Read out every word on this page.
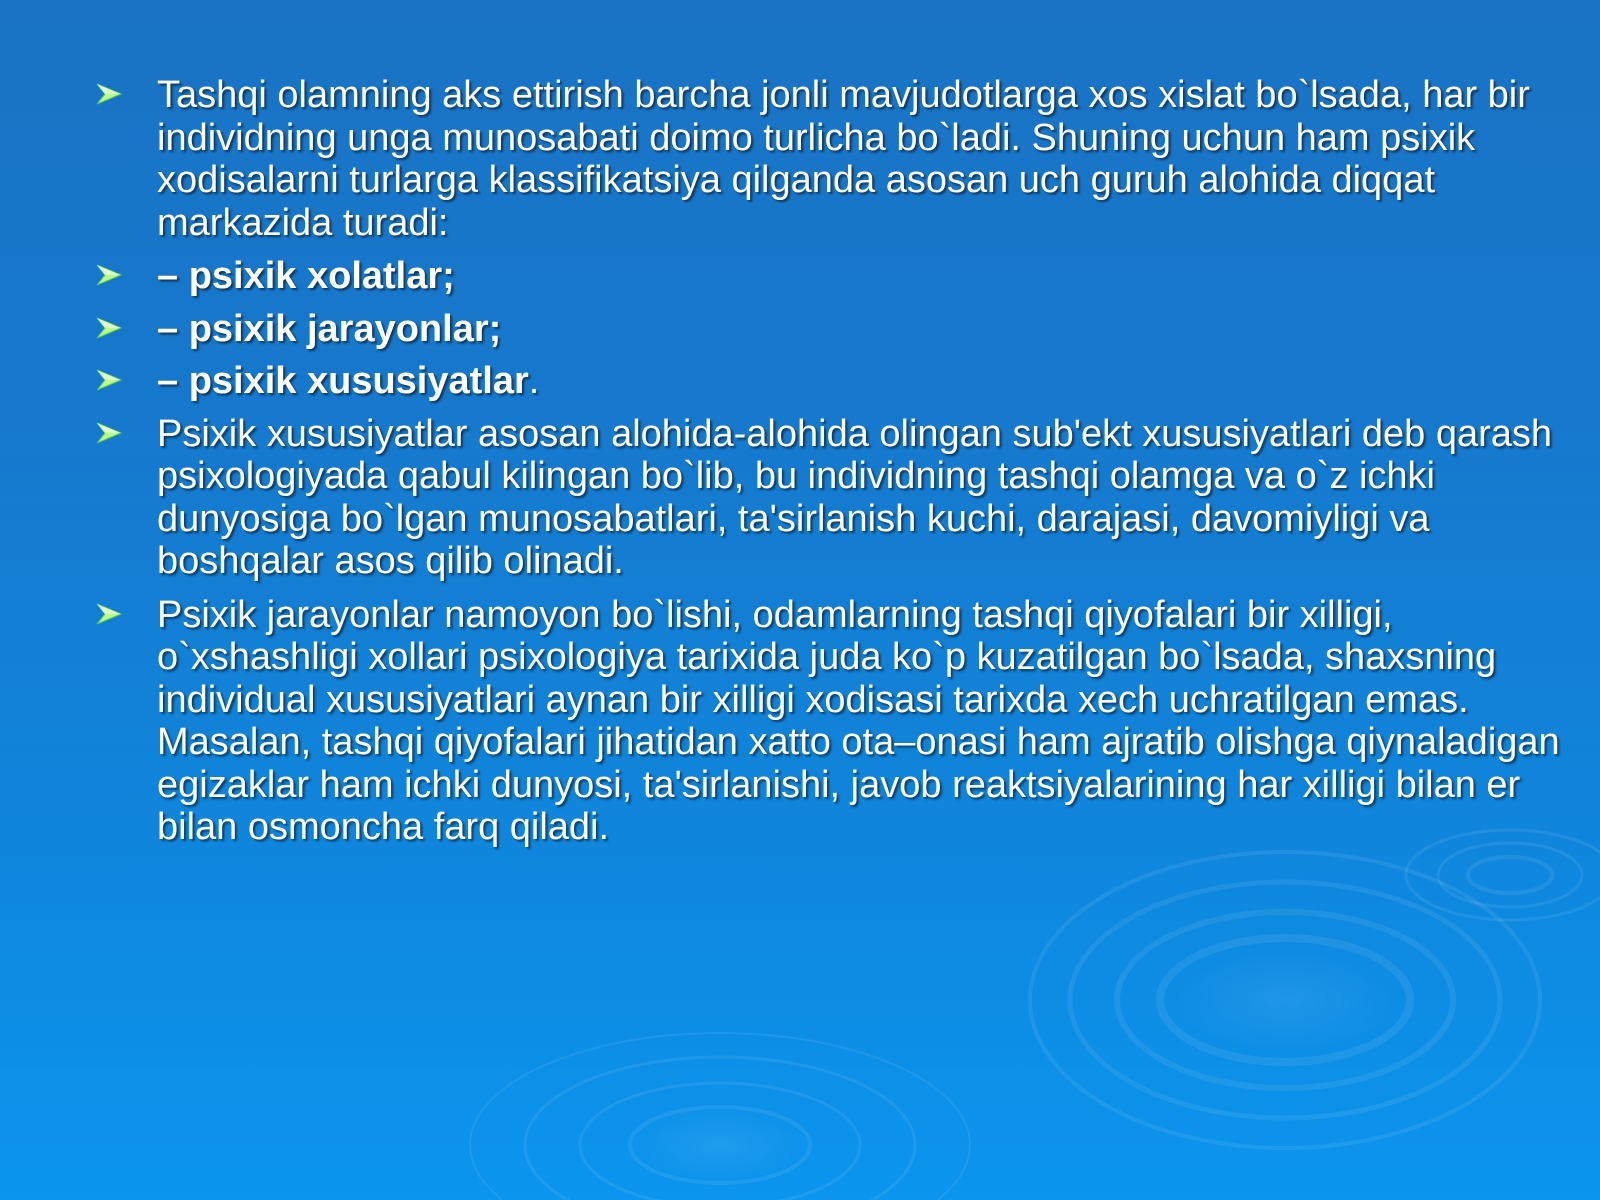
Tashqi olamning aks ettirish barcha jonli mavjudotlarga xos xislat bo`lsada, har bir individning unga munosabati doimo turlicha bo`ladi. Shuning uchun ham psixik xodisalarni turlarga klassifikatsiya qilganda asosan uch guruh alohida diqqat markazida turadi:
– psixik xolatlar;
– psixik jarayonlar;
– psixik xususiyatlar.
Psixik xususiyatlar asosan alohida-alohida olingan sub'ekt xususiyatlari deb qarash psixologiyada qabul kilingan bo`lib, bu individning tashqi olamga va o`z ichki dunyosiga bo`lgan munosabatlari, ta'sirlanish kuchi, darajasi, davomiyligi va boshqalar asos qilib olinadi.
Psixik jarayonlar namoyon bo`lishi, odamlarning tashqi qiyofalari bir xilligi, o`xshashligi xollari psixologiya tarixida juda ko`p kuzatilgan bo`lsada, shaxsning individual xususiyatlari aynan bir xilligi xodisasi tarixda xech uchratilgan emas. Masalan, tashqi qiyofalari jihatidan xatto ota–onasi ham ajratib olishga qiynaladigan egizaklar ham ichki dunyosi, ta'sirlanishi, javob reaktsiyalarining har xilligi bilan er bilan osmoncha farq qiladi.
